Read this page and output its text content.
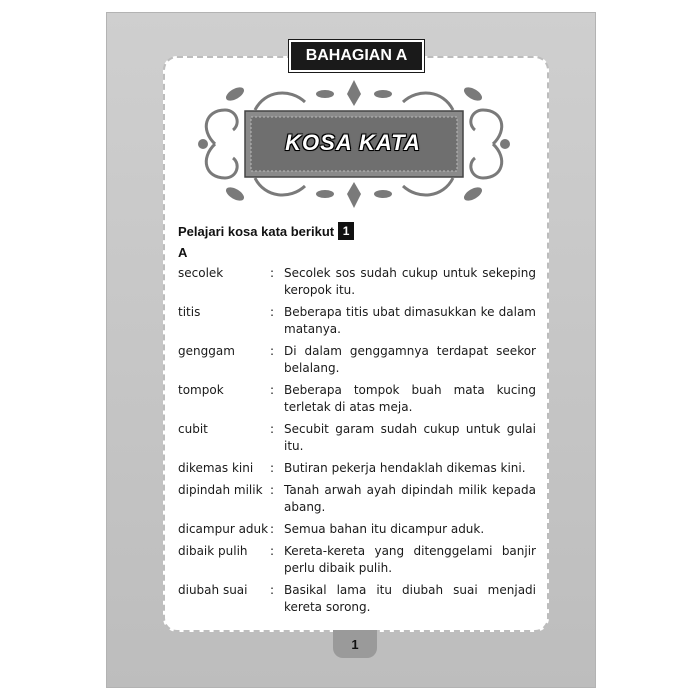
BAHAGIAN A
KOSA KATA
Pelajari kosa kata berikut 1
A
secolek	: Secolek sos sudah cukup untuk sekeping keropok itu.
titis	: Beberapa titis ubat dimasukkan ke dalam matanya.
genggam	: Di dalam genggamnya terdapat seekor belalang.
tompok	: Beberapa tompok buah mata kucing terletak di atas meja.
cubit	: Secubit garam sudah cukup untuk gulai itu.
dikemas kini	: Butiran pekerja hendaklah dikemas kini.
dipindah milik : Tanah arwah ayah dipindah milik kepada abang.
dicampur aduk : Semua bahan itu dicampur aduk.
dibaik pulih	: Kereta-kereta yang ditenggelami banjir perlu dibaik pulih.
diubah suai	: Basikal lama itu diubah suai menjadi kereta sorong.
1
